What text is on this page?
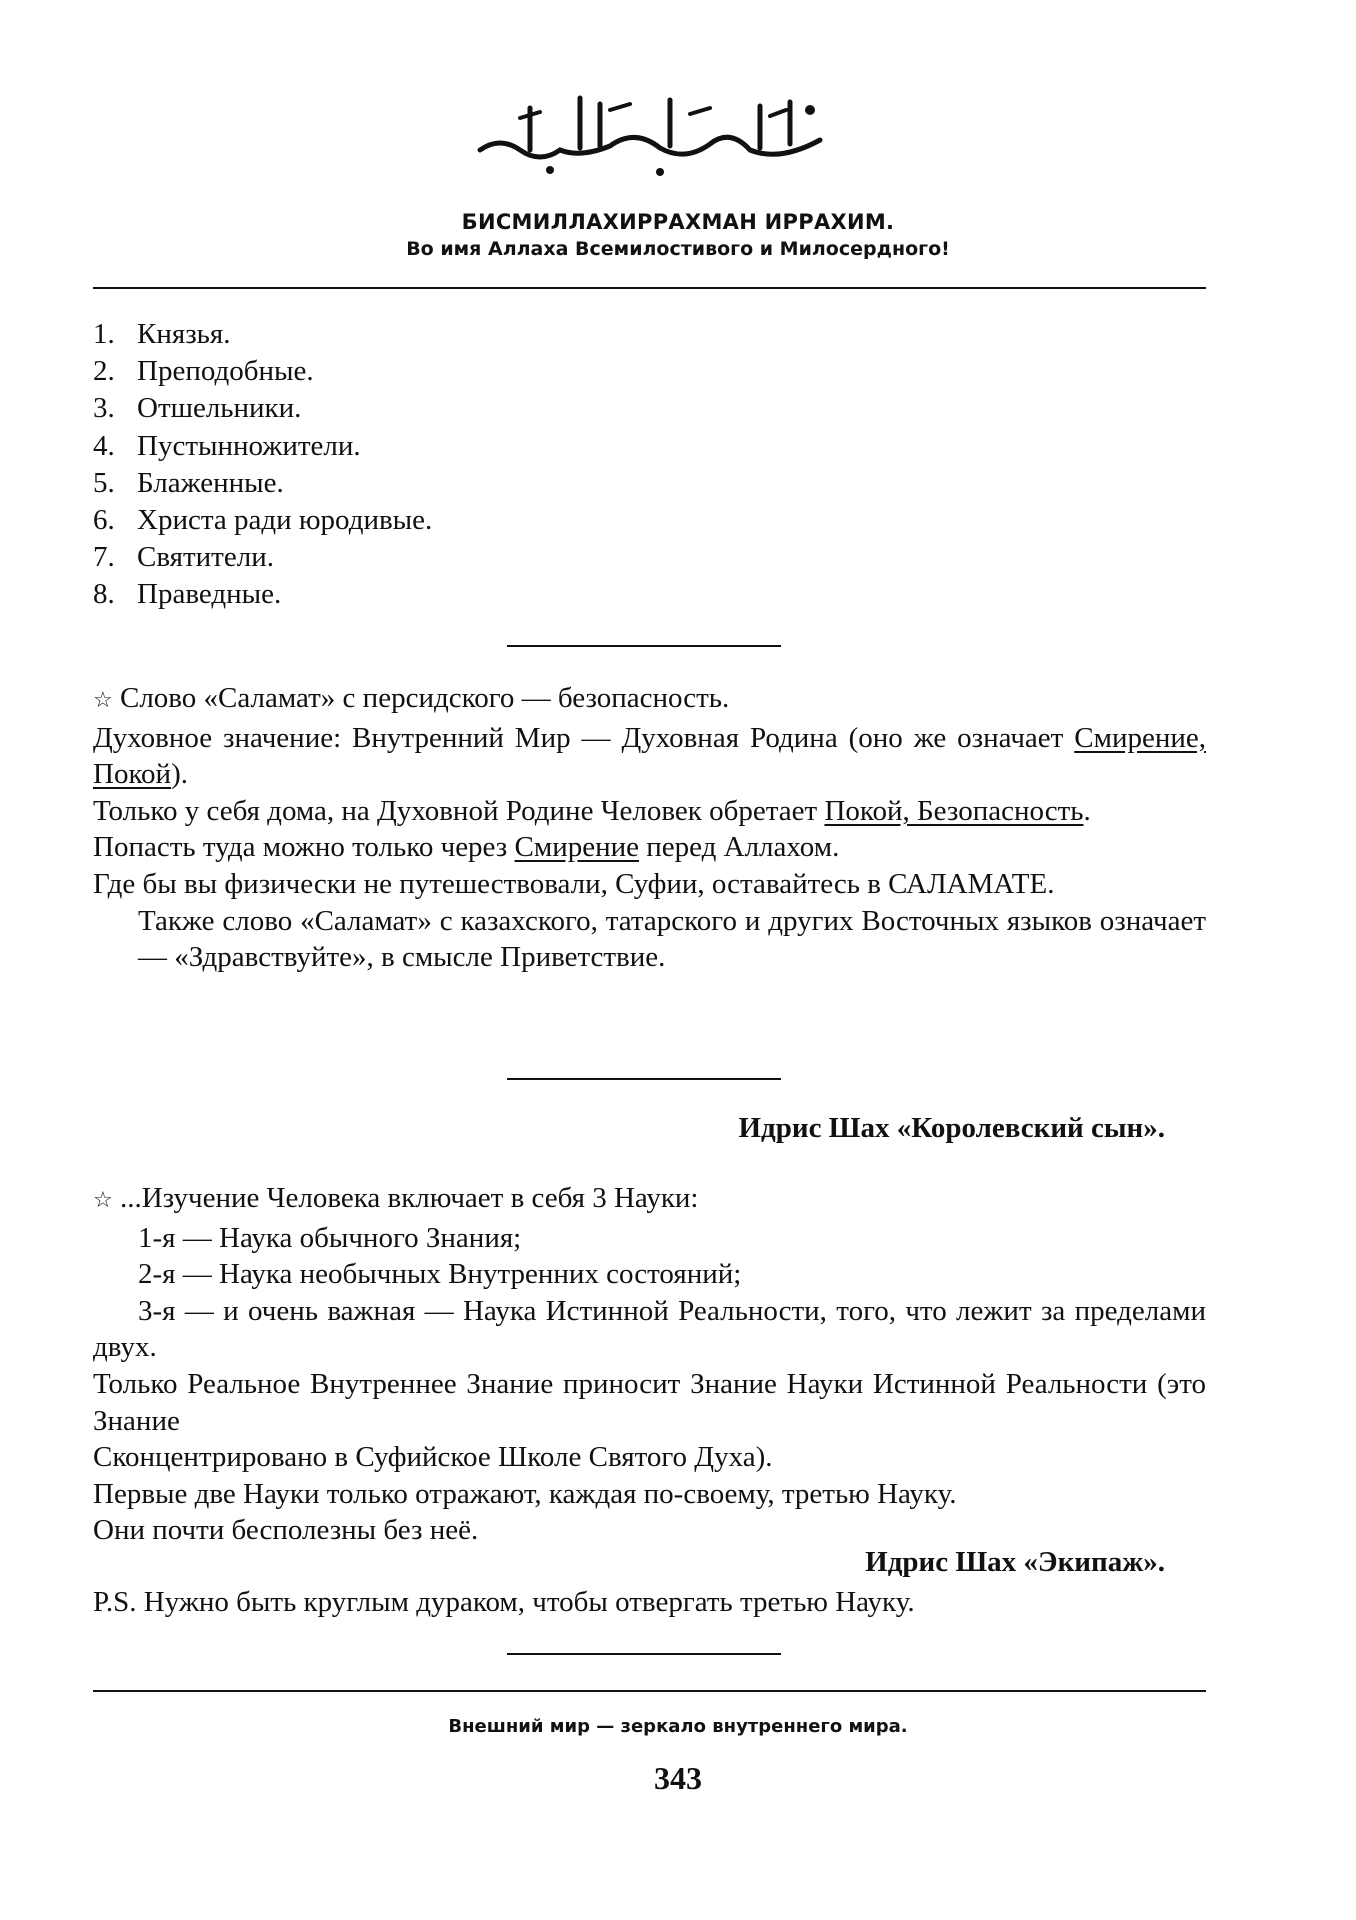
БИСМИЛЛАХИРРАХМАН ИРРАХИМ.
Во имя Аллаха Всемилостивого и Милосердного!
1. Князья.
2. Преподобные.
3. Отшельники.
4. Пустынножители.
5. Блаженные.
6. Христа ради юродивые.
7. Святители.
8. Праведные.

☆ Слово «Саламат» с персидского — безопасность.

Духовное значение: Внутренний Мир — Духовная Родина (оно же означает Смирение, Покой).

Только у себя дома, на Духовной Родине Человек обретает Покой, Безопасность.

Попасть туда можно только через Смирение перед Аллахом.

Где бы вы физически не путешествовали, Суфии, оставайтесь в САЛАМАТЕ.

Также слово «Саламат» с казахского, татарского и других Восточных языков означает — «Здравствуйте», в смысле Приветствие.

Идрис Шах «Королевский сын».

☆ ...Изучение Человека включает в себя 3 Науки:

1-я — Наука обычного Знания;

2-я — Наука необычных Внутренних состояний;

3-я — и очень важная — Наука Истинной Реальности, того, что лежит за пределами двух.

Только Реальное Внутреннее Знание приносит Знание Науки Истинной Реальности (это Знание

Сконцентрировано в Суфийское Школе Святого Духа).

Первые две Науки только отражают, каждая по-своему, третью Науку.

Они почти бесполезны без неё.

Идрис Шах «Экипаж».

P.S. Нужно быть круглым дураком, чтобы отвергать третью Науку.

Внешний мир — зеркало внутреннего мира.
343
